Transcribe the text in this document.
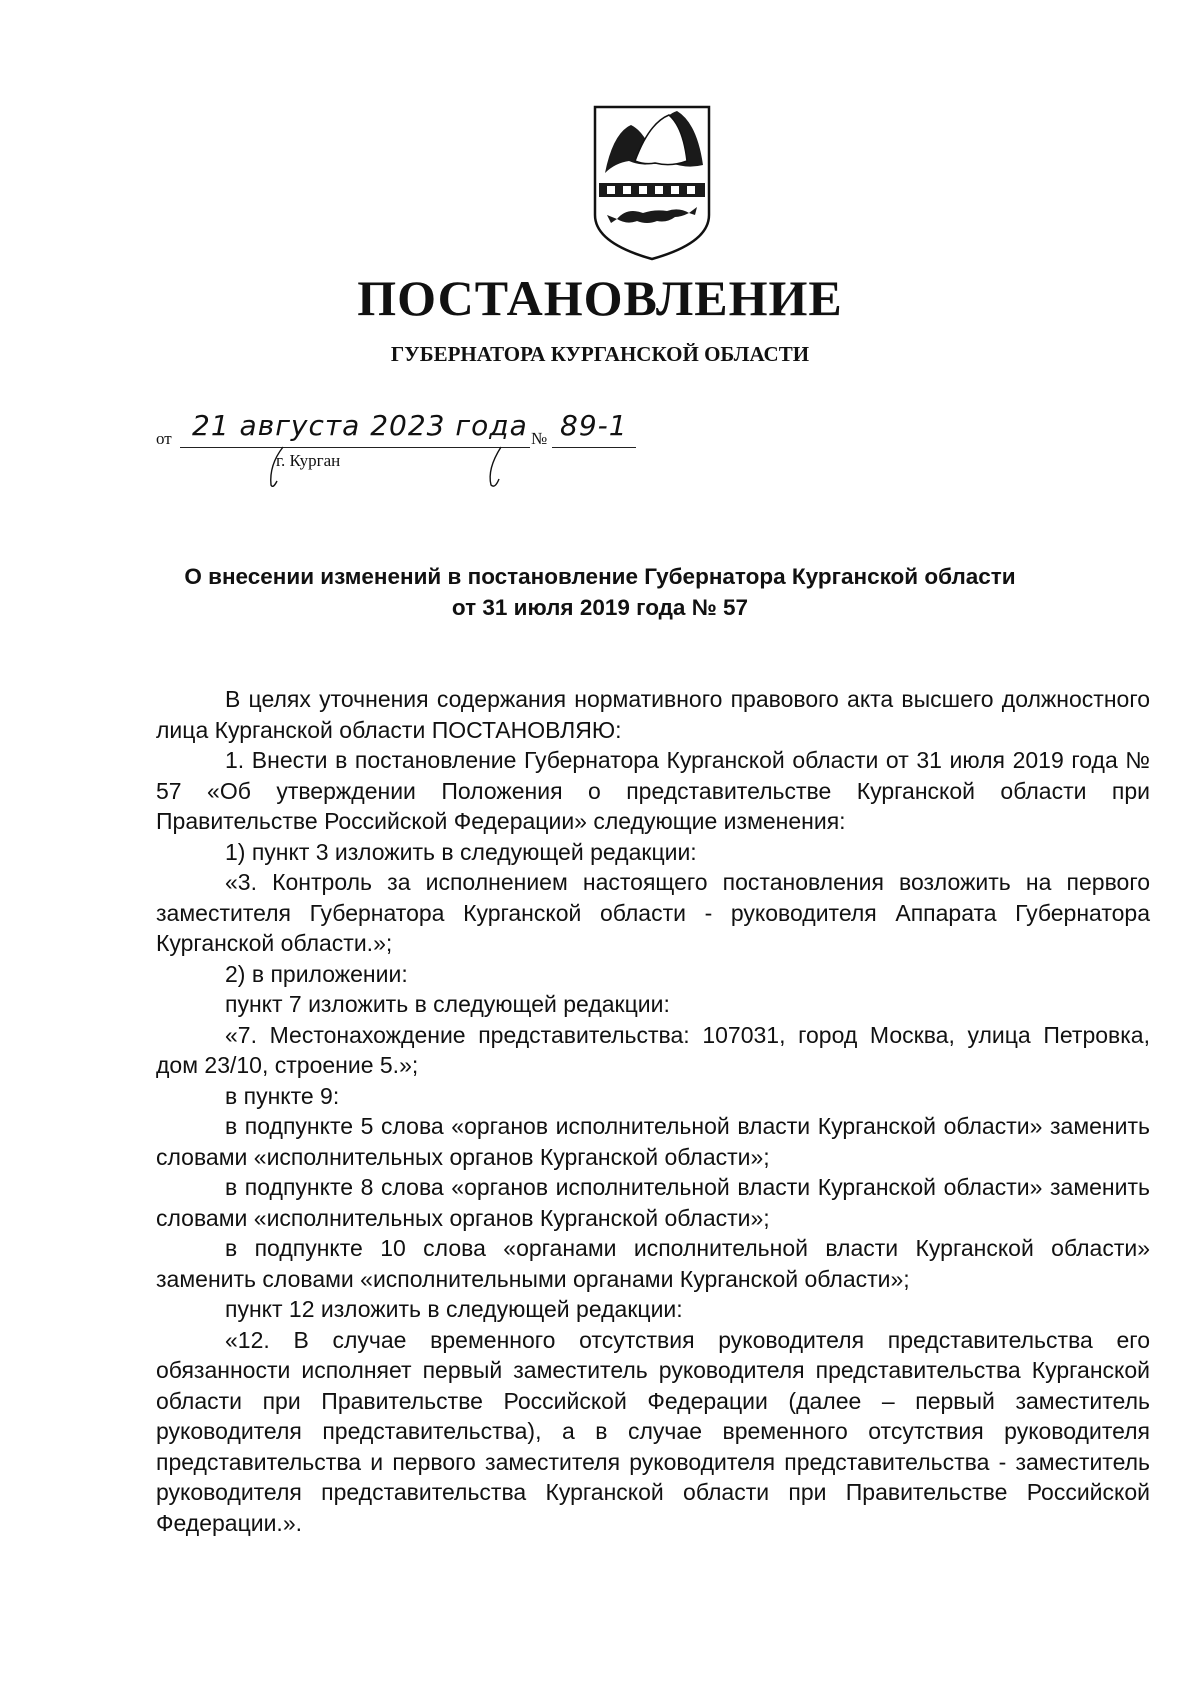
ПОСТАНОВЛЕНИЕ
ГУБЕРНАТОРА КУРГАНСКОЙ ОБЛАСТИ
от 21 августа 2023 года № 89-1
г. Курган
О внесении изменений в постановление Губернатора Курганской области
от 31 июля 2019 года № 57

В целях уточнения содержания нормативного правового акта высшего должностного лица Курганской области ПОСТАНОВЛЯЮ:

1. Внести в постановление Губернатора Курганской области от 31 июля 2019 года № 57 «Об утверждении Положения о представительстве Курганской области при Правительстве Российской Федерации» следующие изменения:

1) пункт 3 изложить в следующей редакции:

«3. Контроль за исполнением настоящего постановления возложить на первого заместителя Губернатора Курганской области - руководителя Аппарата Губернатора Курганской области.»;

2) в приложении:

пункт 7 изложить в следующей редакции:

«7. Местонахождение представительства: 107031, город Москва, улица Петровка, дом 23/10, строение 5.»;

в пункте 9:

в подпункте 5 слова «органов исполнительной власти Курганской области» заменить словами «исполнительных органов Курганской области»;

в подпункте 8 слова «органов исполнительной власти Курганской области» заменить словами «исполнительных органов Курганской области»;

в подпункте 10 слова «органами исполнительной власти Курганской области» заменить словами «исполнительными органами Курганской области»;

пункт 12 изложить в следующей редакции:

«12. В случае временного отсутствия руководителя представительства его обязанности исполняет первый заместитель руководителя представительства Курганской области при Правительстве Российской Федерации (далее – первый заместитель руководителя представительства), а в случае временного отсутствия руководителя представительства и первого заместителя руководителя представительства - заместитель руководителя представительства Курганской области при Правительстве Российской Федерации.».
